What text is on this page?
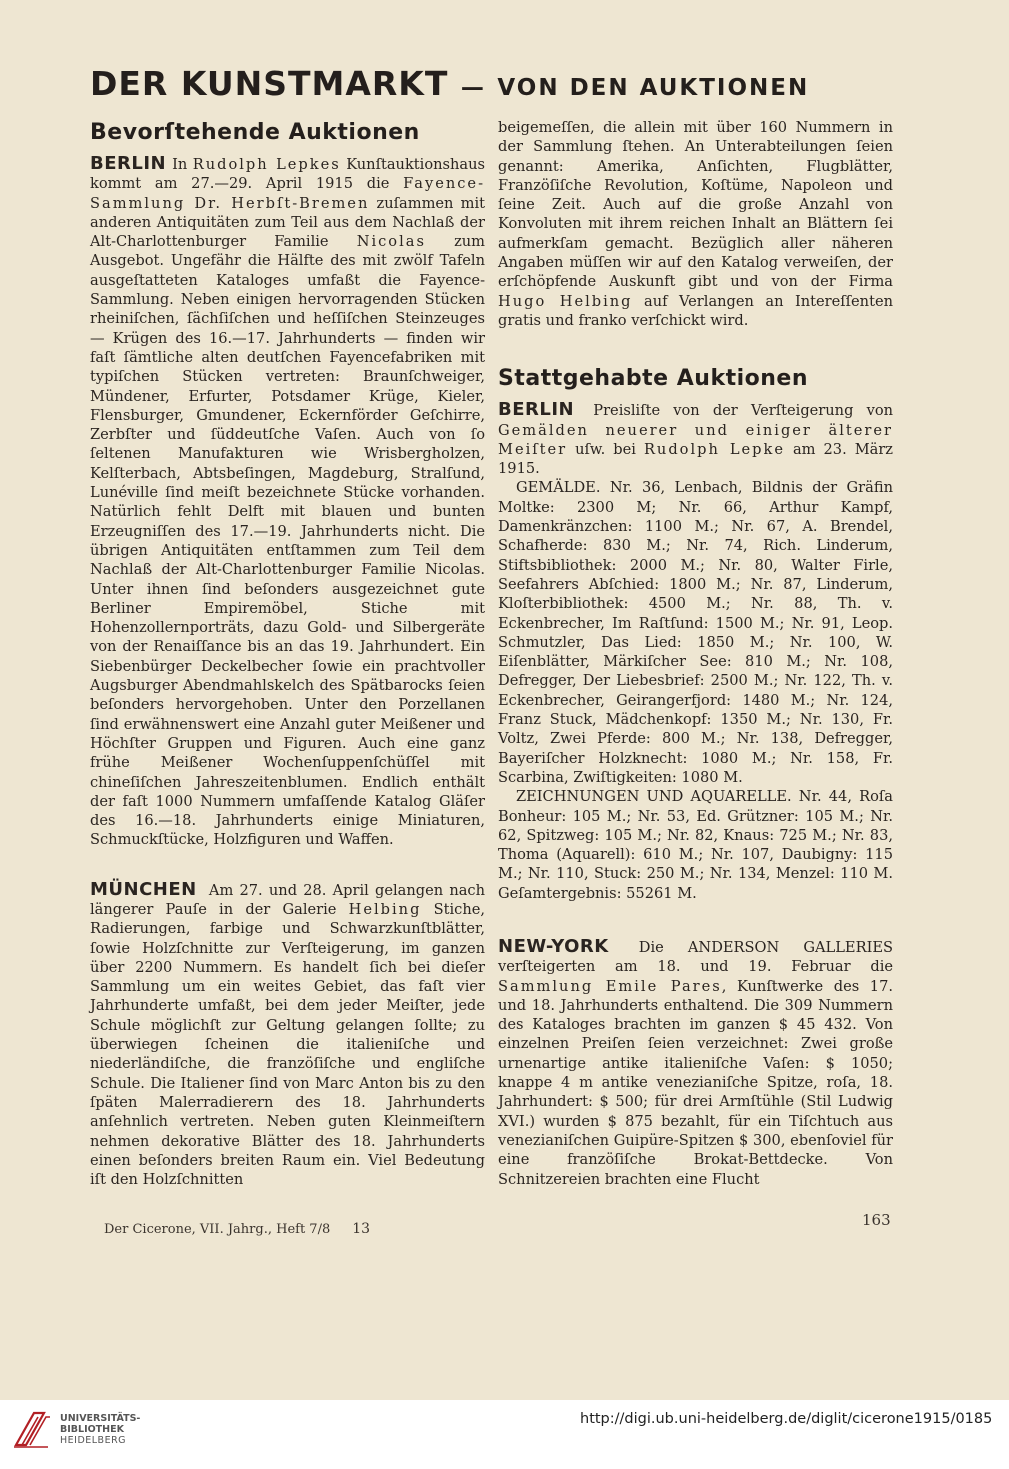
DER KUNSTMARKT — VON DEN AUKTIONEN
Bevorſtehende Auktionen

BERLIN In Rudolph Lepkes Kunſtauktionshaus kommt am 27.—29. April 1915 die Fayence-Sammlung Dr. Herbſt-Bremen zuſammen mit anderen Antiquitäten zum Teil aus dem Nachlaß der Alt-Charlottenburger Familie Nicolas zum Ausgebot. Ungefähr die Hälfte des mit zwölf Tafeln ausgeſtatteten Kataloges umfaßt die Fayence-Sammlung. Neben einigen hervorragenden Stücken rheiniſchen, ſächſiſchen und heſſiſchen Steinzeuges — Krügen des 16.—17. Jahrhunderts — finden wir faſt ſämtliche alten deutſchen Fayencefabriken mit typiſchen Stücken vertreten: Braunſchweiger, Mündener, Erfurter, Potsdamer Krüge, Kieler, Flensburger, Gmundener, Eckernförder Geſchirre, Zerbſter und ſüddeutſche Vaſen. Auch von ſo ſeltenen Manufakturen wie Wrisbergholzen, Kelſterbach, Abtsbeſingen, Magdeburg, Stralſund, Lunéville ſind meiſt bezeichnete Stücke vorhanden. Natürlich fehlt Delft mit blauen und bunten Erzeugniſſen des 17.—19. Jahrhunderts nicht. Die übrigen Antiquitäten entſtammen zum Teil dem Nachlaß der Alt-Charlottenburger Familie Nicolas. Unter ihnen ſind beſonders ausgezeichnet gute Berliner Empiremöbel, Stiche mit Hohenzollernporträts, dazu Gold- und Silbergeräte von der Renaiſſance bis an das 19. Jahrhundert. Ein Siebenbürger Deckelbecher ſowie ein prachtvoller Augsburger Abendmahlskelch des Spätbarocks ſeien beſonders hervorgehoben. Unter den Porzellanen ſind erwähnenswert eine Anzahl guter Meißener und Höchſter Gruppen und Figuren. Auch eine ganz frühe Meißener Wochenſuppenſchüſſel mit chineſiſchen Jahreszeitenblumen. Endlich enthält der faſt 1000 Nummern umfaſſende Katalog Gläſer des 16.—18. Jahrhunderts einige Miniaturen, Schmuckſtücke, Holzfiguren und Waffen.

MÜNCHEN Am 27. und 28. April gelangen nach längerer Pauſe in der Galerie Helbing Stiche, Radierungen, farbige und Schwarzkunſtblätter, ſowie Holzſchnitte zur Verſteigerung, im ganzen über 2200 Nummern. Es handelt ſich bei dieſer Sammlung um ein weites Gebiet, das faſt vier Jahrhunderte umfaßt, bei dem jeder Meiſter, jede Schule möglichſt zur Geltung gelangen ſollte; zu überwiegen ſcheinen die italieniſche und niederländiſche, die franzöſiſche und engliſche Schule. Die Italiener ſind von Marc Anton bis zu den ſpäten Malerradierern des 18. Jahrhunderts anſehnlich vertreten. Neben guten Kleinmeiſtern nehmen dekorative Blätter des 18. Jahrhunderts einen beſonders breiten Raum ein. Viel Bedeutung iſt den Holzſchnitten

beigemeſſen, die allein mit über 160 Nummern in der Sammlung ſtehen. An Unterabteilungen ſeien genannt: Amerika, Anſichten, Flugblätter, Franzöſiſche Revolution, Koſtüme, Napoleon und ſeine Zeit. Auch auf die große Anzahl von Konvoluten mit ihrem reichen Inhalt an Blättern ſei aufmerkſam gemacht. Bezüglich aller näheren Angaben müſſen wir auf den Katalog verweiſen, der erſchöpfende Auskunft gibt und von der Firma Hugo Helbing auf Verlangen an Intereſſenten gratis und franko verſchickt wird.

Stattgehabte Auktionen

BERLIN Preisliſte von der Verſteigerung von Gemälden neuerer und einiger älterer Meiſter uſw. bei Rudolph Lepke am 23. März 1915.

GEMÄLDE. Nr. 36, Lenbach, Bildnis der Gräfin Moltke: 2300 M; Nr. 66, Arthur Kampf, Damenkränzchen: 1100 M.; Nr. 67, A. Brendel, Schafherde: 830 M.; Nr. 74, Rich. Linderum, Stiftsbibliothek: 2000 M.; Nr. 80, Walter Firle, Seefahrers Abſchied: 1800 M.; Nr. 87, Linderum, Kloſterbibliothek: 4500 M.; Nr. 88, Th. v. Eckenbrecher, Im Raſtſund: 1500 M.; Nr. 91, Leop. Schmutzler, Das Lied: 1850 M.; Nr. 100, W. Eiſenblätter, Märkiſcher See: 810 M.; Nr. 108, Defregger, Der Liebesbrief: 2500 M.; Nr. 122, Th. v. Eckenbrecher, Geirangerfjord: 1480 M.; Nr. 124, Franz Stuck, Mädchenkopf: 1350 M.; Nr. 130, Fr. Voltz, Zwei Pferde: 800 M.; Nr. 138, Defregger, Bayeriſcher Holzknecht: 1080 M.; Nr. 158, Fr. Scarbina, Zwiſtigkeiten: 1080 M.

ZEICHNUNGEN UND AQUARELLE. Nr. 44, Roſa Bonheur: 105 M.; Nr. 53, Ed. Grützner: 105 M.; Nr. 62, Spitzweg: 105 M.; Nr. 82, Knaus: 725 M.; Nr. 83, Thoma (Aquarell): 610 M.; Nr. 107, Daubigny: 115 M.; Nr. 110, Stuck: 250 M.; Nr. 134, Menzel: 110 M. Geſamtergebnis: 55261 M.

NEW-YORK Die ANDERSON GALLERIES verſteigerten am 18. und 19. Februar die Sammlung Emile Pares, Kunſtwerke des 17. und 18. Jahrhunderts enthaltend. Die 309 Nummern des Kataloges brachten im ganzen $ 45 432. Von einzelnen Preiſen ſeien verzeichnet: Zwei große urnenartige antike italieniſche Vaſen: $ 1050; knappe 4 m antike venezianiſche Spitze, roſa, 18. Jahrhundert: $ 500; für drei Armſtühle (Stil Ludwig XVI.) wurden $ 875 bezahlt, für ein Tiſchtuch aus venezianiſchen Guipüre-Spitzen $ 300, ebenſoviel für eine franzöſiſche Brokat-Bettdecke. Von Schnitzereien brachten eine Flucht

Der Cicerone, VII. Jahrg., Heft 7/8 13	163
UNIVERSITÄTS-
BIBLIOTHEK
HEIDELBERG
http://digi.ub.uni-heidelberg.de/diglit/cicerone1915/0185
